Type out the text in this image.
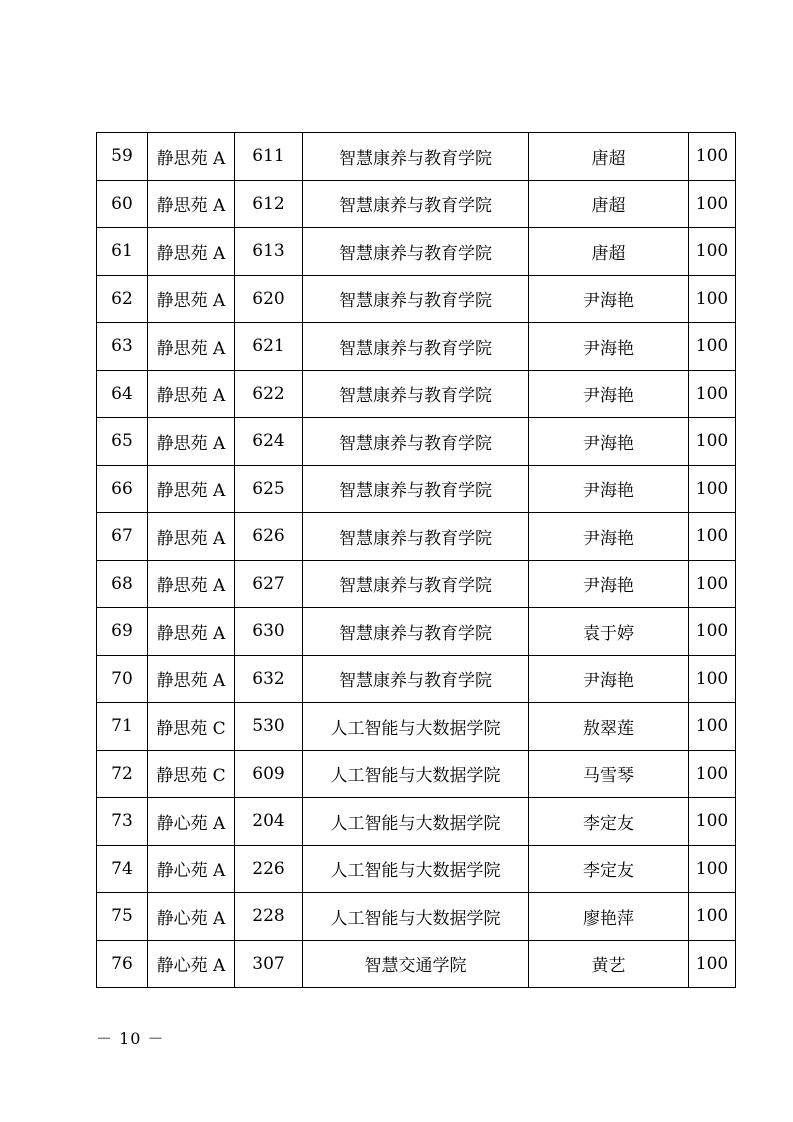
59	静思苑 A	611	智慧康养与教育学院	唐超	100
60	静思苑 A	612	智慧康养与教育学院	唐超	100
61	静思苑 A	613	智慧康养与教育学院	唐超	100
62	静思苑 A	620	智慧康养与教育学院	尹海艳	100
63	静思苑 A	621	智慧康养与教育学院	尹海艳	100
64	静思苑 A	622	智慧康养与教育学院	尹海艳	100
65	静思苑 A	624	智慧康养与教育学院	尹海艳	100
66	静思苑 A	625	智慧康养与教育学院	尹海艳	100
67	静思苑 A	626	智慧康养与教育学院	尹海艳	100
68	静思苑 A	627	智慧康养与教育学院	尹海艳	100
69	静思苑 A	630	智慧康养与教育学院	袁于婷	100
70	静思苑 A	632	智慧康养与教育学院	尹海艳	100
71	静思苑 C	530	人工智能与大数据学院	敖翠莲	100
72	静思苑 C	609	人工智能与大数据学院	马雪琴	100
73	静心苑 A	204	人工智能与大数据学院	李定友	100
74	静心苑 A	226	人工智能与大数据学院	李定友	100
75	静心苑 A	228	人工智能与大数据学院	廖艳萍	100
76	静心苑 A	307	智慧交通学院	黄艺	100
－ 10 －
